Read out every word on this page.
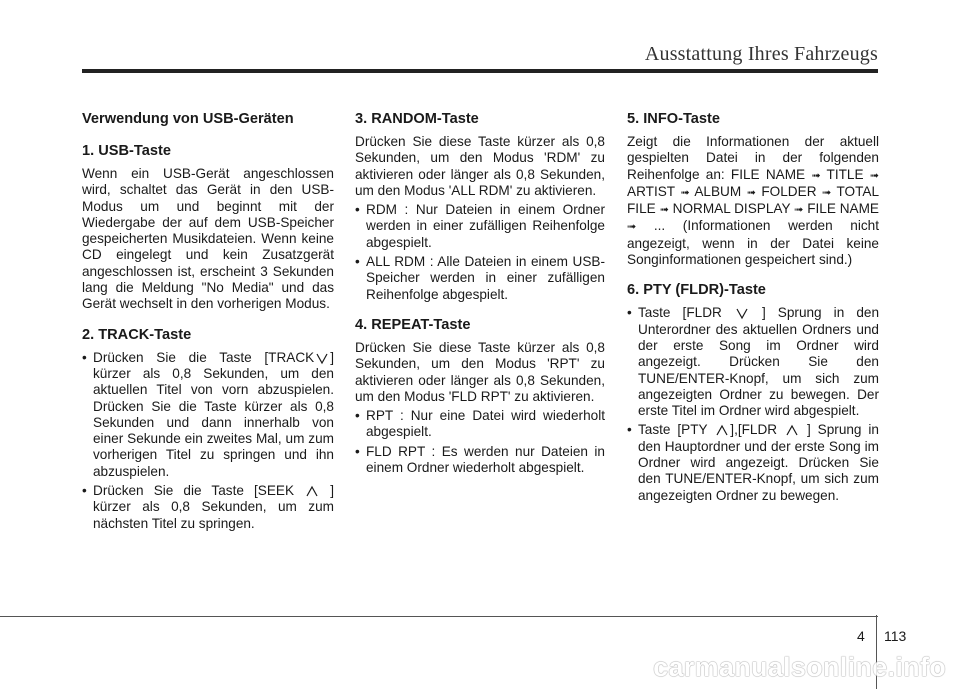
Ausstattung Ihres Fahrzeugs

Verwendung von USB-Geräten

1. USB-Taste

Wenn ein USB-Gerät angeschlossen wird, schaltet das Gerät in den USB-Modus um und beginnt mit der Wiedergabe der auf dem USB-Speicher gespeicherten Musikdateien. Wenn keine CD eingelegt und kein Zusatzgerät angeschlossen ist, erscheint 3 Sekunden lang die Meldung "No Media" und das Gerät wechselt in den vorherigen Modus.

2. TRACK-Taste

• Drücken Sie die Taste [TRACK ] kürzer als 0,8 Sekunden, um den aktuellen Titel von vorn abzuspielen. Drücken Sie die Taste kürzer als 0,8 Sekunden und dann innerhalb von einer Sekunde ein zweites Mal, um zum vorherigen Titel zu springen und ihn abzuspielen.

• Drücken Sie die Taste [SEEK	] kürzer als 0,8 Sekunden, um zum nächsten Titel zu springen.

3. RANDOM-Taste

Drücken Sie diese Taste kürzer als 0,8 Sekunden, um den Modus 'RDM' zu aktivieren oder länger als 0,8 Sekunden, um den Modus 'ALL RDM' zu aktivieren.

• RDM : Nur Dateien in einem Ordner werden in einer zufälligen Reihenfolge abgespielt.

• ALL RDM : Alle Dateien in einem USB-Speicher werden in einer zufälligen Reihenfolge abgespielt.

4. REPEAT-Taste

Drücken Sie diese Taste kürzer als 0,8 Sekunden, um den Modus 'RPT' zu aktivieren oder länger als 0,8 Sekunden, um den Modus 'FLD RPT' zu aktivieren.

• RPT : Nur eine Datei wird wiederholt abgespielt.

• FLD RPT : Es werden nur Dateien in einem Ordner wiederholt abgespielt.

5. INFO-Taste

Zeigt die Informationen der aktuell gespielten Datei in der folgenden Reihenfolge an: FILE NAME ➟ TITLE ➟ ARTIST ➟ ALBUM ➟ FOLDER ➟ TOTAL FILE ➟ NORMAL DISPLAY ➟ FILE NAME ➟ ... (Informationen werden nicht angezeigt, wenn in der Datei keine Songinformationen gespeichert sind.)

6. PTY (FLDR)-Taste

• Taste [FLDR	] Sprung in den Unterordner des aktuellen Ordners und der erste Song im Ordner wird angezeigt. Drücken Sie den TUNE/ENTER-Knopf, um sich zum angezeigten Ordner zu bewegen. Der erste Titel im Ordner wird abgespielt.

• Taste [PTY ],[FLDR ] Sprung in den Hauptordner und der erste Song im Ordner wird angezeigt. Drücken Sie den TUNE/ENTER-Knopf, um sich zum angezeigten Ordner zu bewegen.

4 113
carmanualsonline.info
